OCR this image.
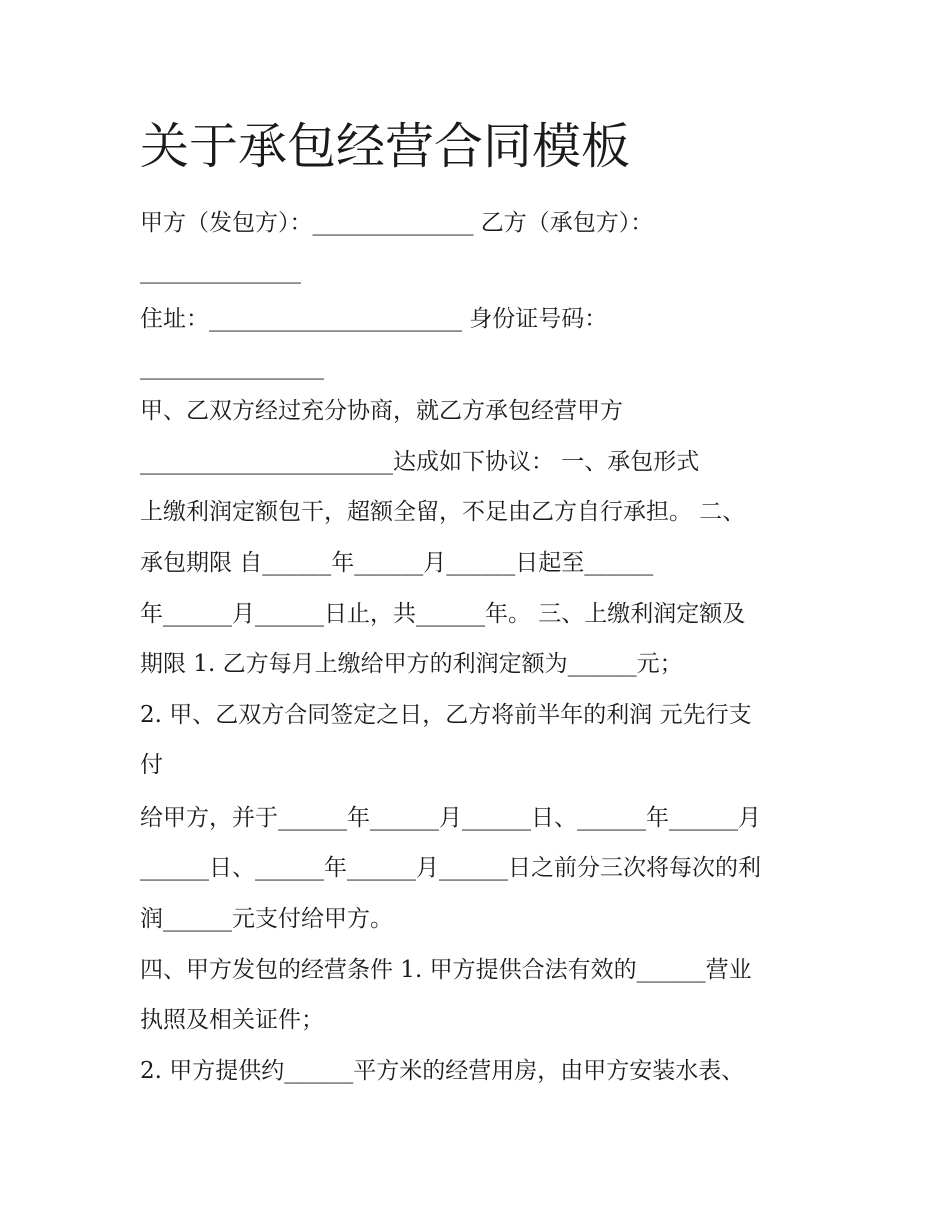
关于承包经营合同模板
甲方（发包方）：______________ 乙方（承包方）：
______________
住址：______________________ 身份证号码：
________________
甲、乙双方经过充分协商，就乙方承包经营甲方
______________________达成如下协议： 一、承包形式
上缴利润定额包干，超额全留，不足由乙方自行承担。 二、
承包期限 自______年______月______日起至______
年______月______日止，共______年。 三、上缴利润定额及
期限 1. 乙方每月上缴给甲方的利润定额为______元；
2. 甲、乙双方合同签定之日，乙方将前半年的利润 元先行支
付
给甲方，并于______年______月______日、______年______月
______日、______年______月______日之前分三次将每次的利
润______元支付给甲方。
四、甲方发包的经营条件 1. 甲方提供合法有效的______营业
执照及相关证件；
2. 甲方提供约______平方米的经营用房，由甲方安装水表、
